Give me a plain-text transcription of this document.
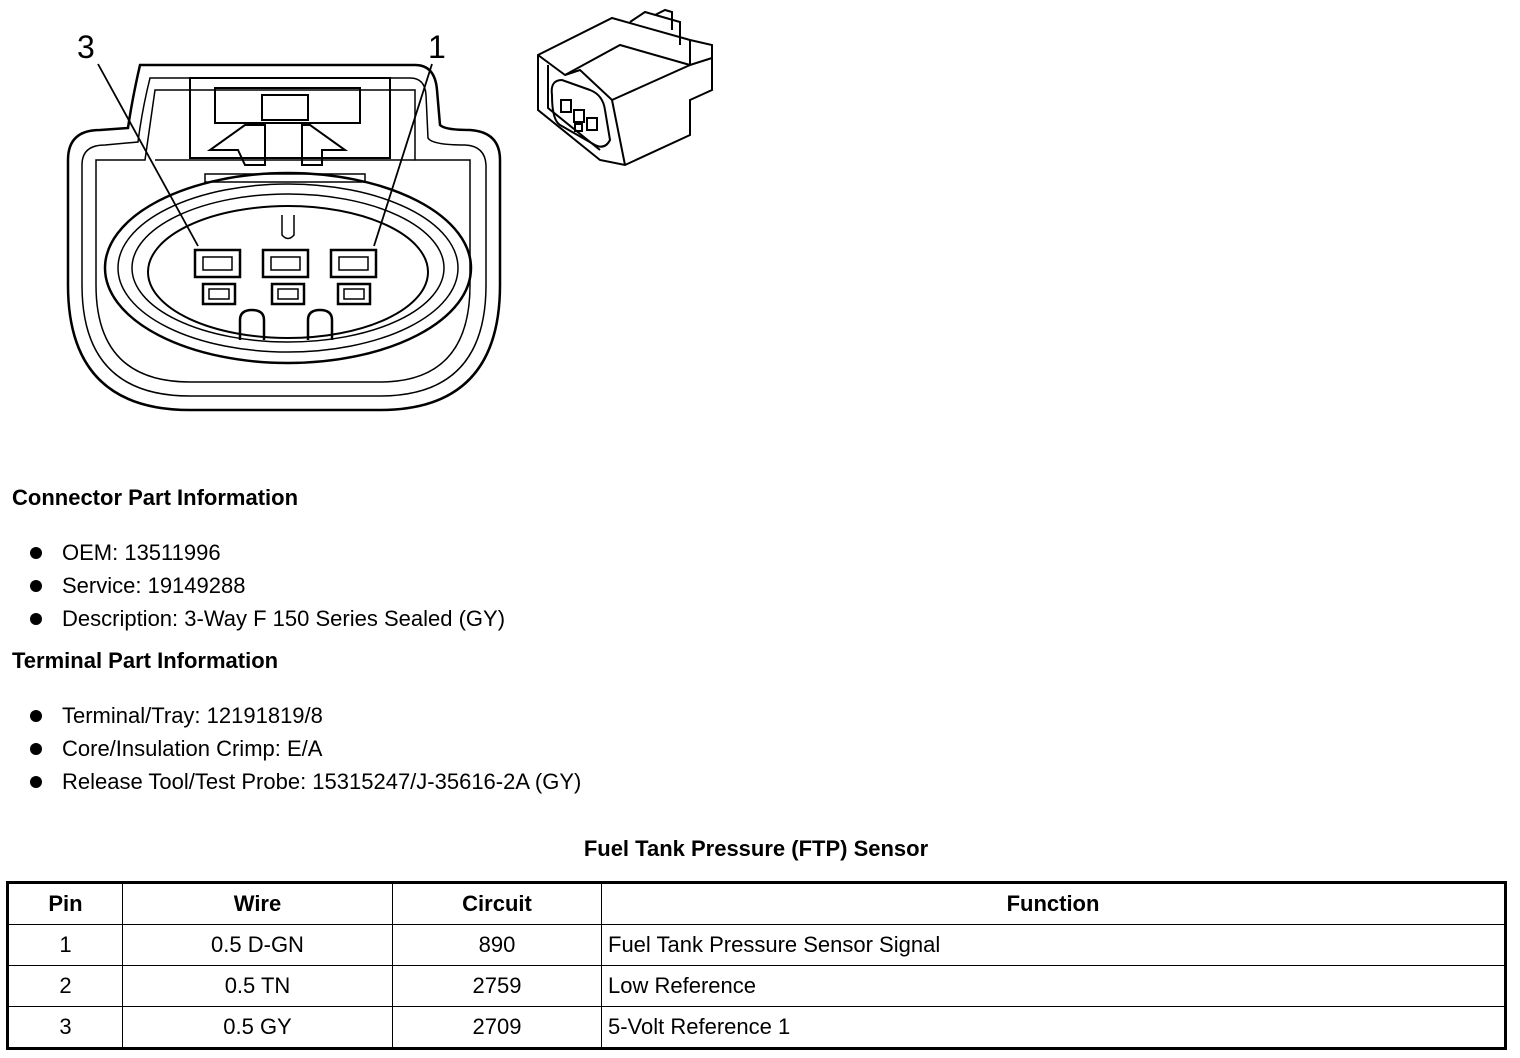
3	1
Connector Part Information
OEM: 13511996
Service: 19149288
Description: 3-Way F 150 Series Sealed (GY)
Terminal Part Information
Terminal/Tray: 12191819/8
Core/Insulation Crimp: E/A
Release Tool/Test Probe: 15315247/J-35616-2A (GY)
Fuel Tank Pressure (FTP) Sensor
Pin	Wire	Circuit	Function
1	0.5 D-GN	890	Fuel Tank Pressure Sensor Signal
2	0.5 TN	2759	Low Reference
3	0.5 GY	2709	5-Volt Reference 1
